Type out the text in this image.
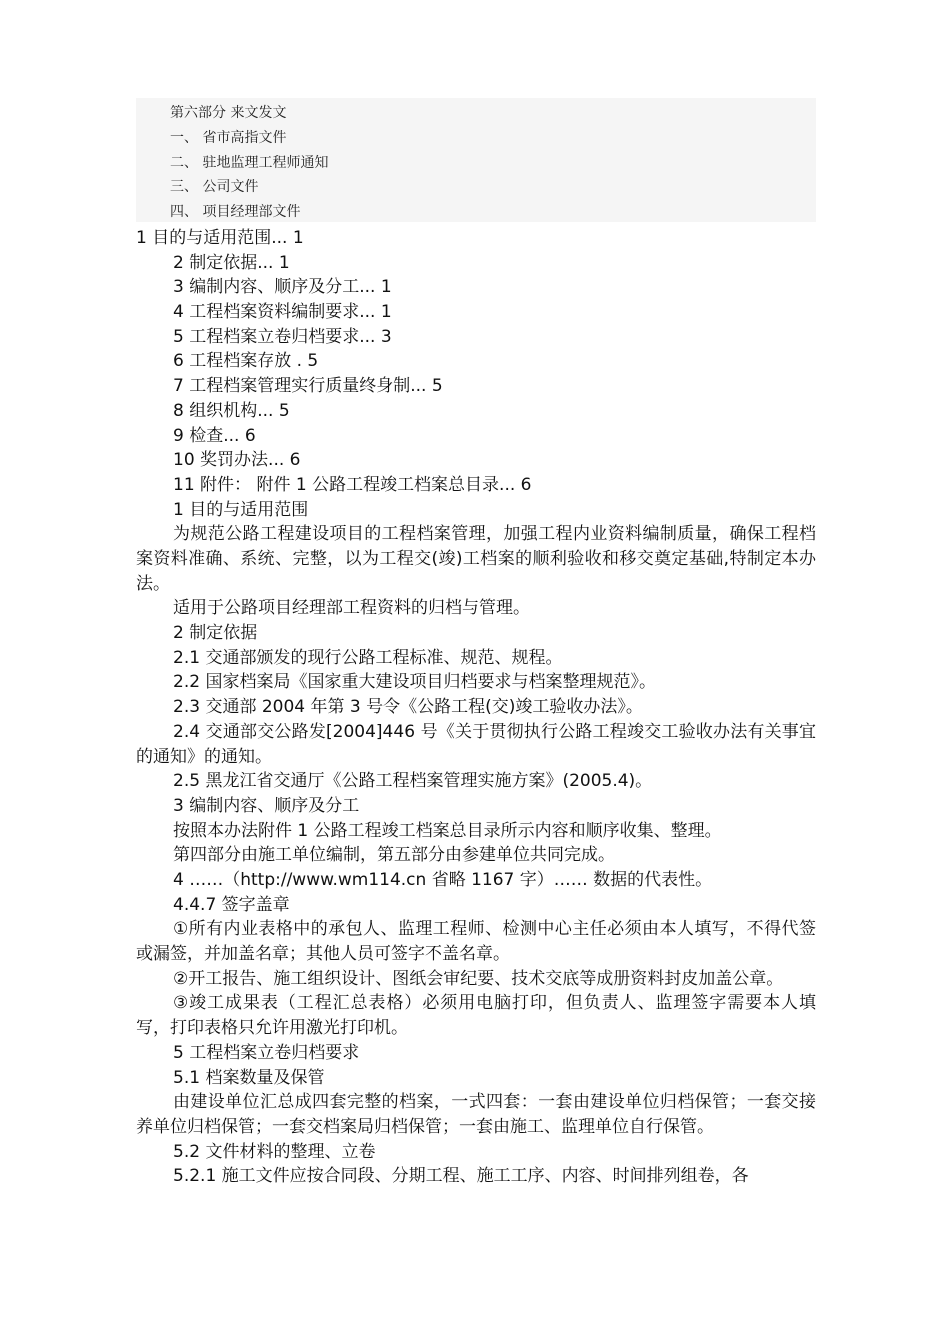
第六部分 来文发文
一、 省市高指文件
二、 驻地监理工程师通知
三、 公司文件
四、 项目经理部文件
1 目的与适用范围... 1
2 制定依据... 1
3 编制内容、顺序及分工... 1
4 工程档案资料编制要求... 1
5 工程档案立卷归档要求... 3
6 工程档案存放 . 5
7 工程档案管理实行质量终身制... 5
8 组织机构... 5
9 检查... 6
10 奖罚办法... 6
11 附件： 附件 1 公路工程竣工档案总目录... 6
1 目的与适用范围
为规范公路工程建设项目的工程档案管理，加强工程内业资料编制质量，确保工程档案资料准确、系统、完整，以为工程交(竣)工档案的顺利验收和移交奠定基础,特制定本办法。
适用于公路项目经理部工程资料的归档与管理。
2 制定依据
2.1 交通部颁发的现行公路工程标准、规范、规程。
2.2 国家档案局《国家重大建设项目归档要求与档案整理规范》。
2.3 交通部 2004 年第 3 号令《公路工程(交)竣工验收办法》。
2.4 交通部交公路发[2004]446 号《关于贯彻执行公路工程竣交工验收办法有关事宜的通知》的通知。
2.5 黑龙江省交通厅《公路工程档案管理实施方案》(2005.4)。
3 编制内容、顺序及分工
按照本办法附件 1 公路工程竣工档案总目录所示内容和顺序收集、整理。
第四部分由施工单位编制，第五部分由参建单位共同完成。
4 ……（http://www.wm114.cn 省略 1167 字）…… 数据的代表性。
4.4.7 签字盖章
①所有内业表格中的承包人、监理工程师、检测中心主任必须由本人填写，不得代签或漏签，并加盖名章；其他人员可签字不盖名章。
②开工报告、施工组织设计、图纸会审纪要、技术交底等成册资料封皮加盖公章。
③竣工成果表（工程汇总表格）必须用电脑打印，但负责人、监理签字需要本人填写，打印表格只允许用激光打印机。
5 工程档案立卷归档要求
5.1 档案数量及保管
由建设单位汇总成四套完整的档案，一式四套：一套由建设单位归档保管；一套交接养单位归档保管；一套交档案局归档保管；一套由施工、监理单位自行保管。
5.2 文件材料的整理、立卷
5.2.1 施工文件应按合同段、分期工程、施工工序、内容、时间排列组卷，各
